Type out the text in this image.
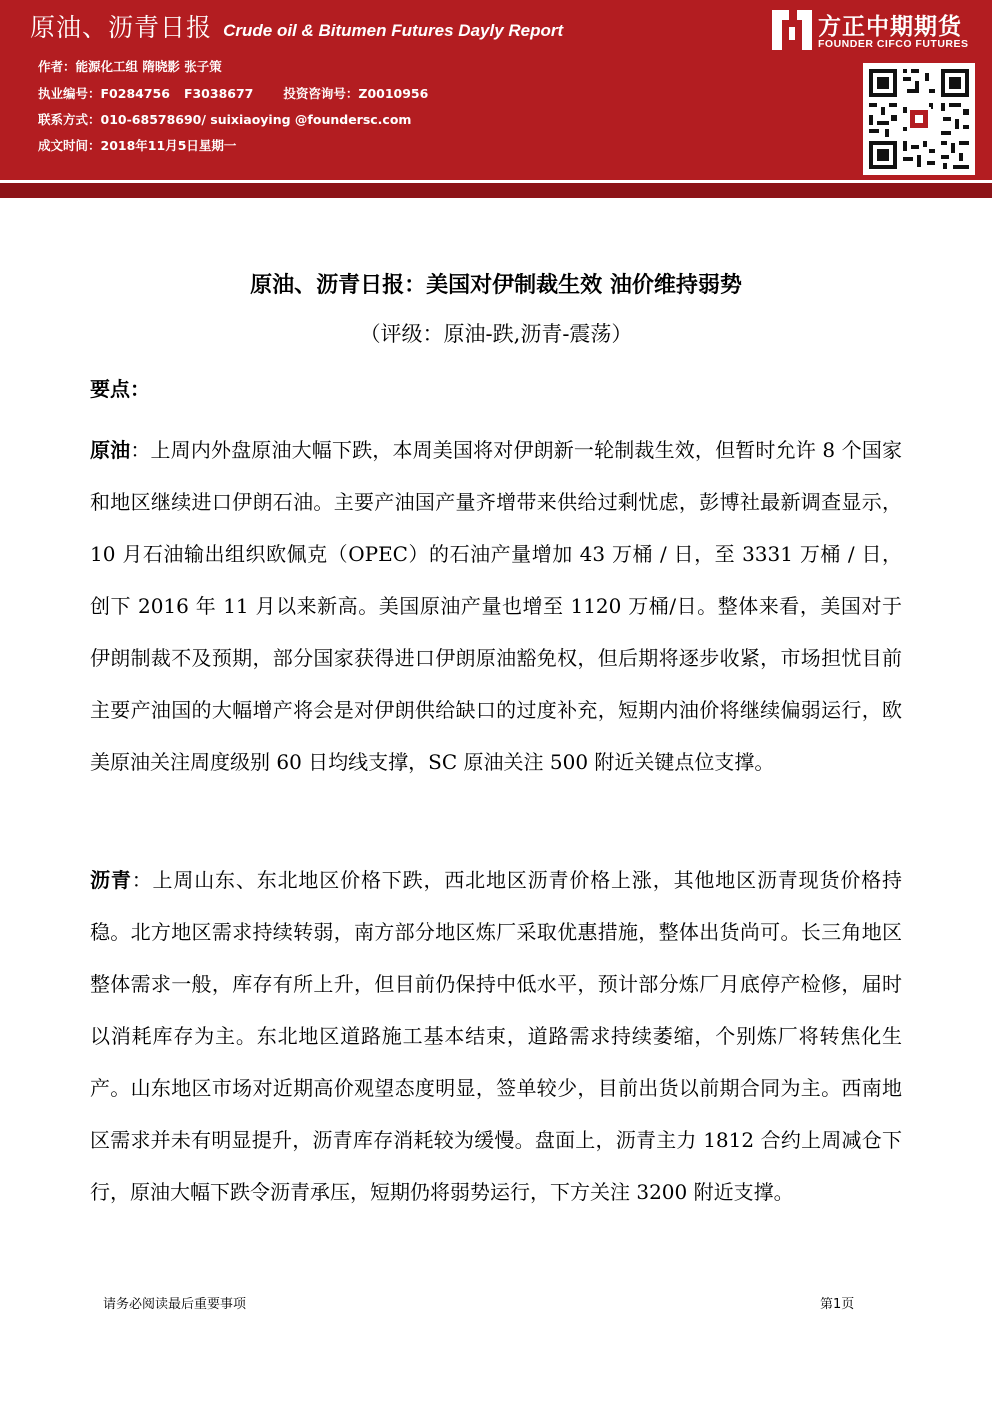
原油、沥青日报 Crude oil & Bitumen Futures Dayly Report
作者：能源化工组 隋晓影 张子策
执业编号：F0284756 F3038677 投资咨询号：Z0010956
联系方式：010-68578690/ suixiaoying @foundersc.com
成文时间：2018年11月5日星期一
方正中期期货
FOUNDER CIFCO FUTURES
原油、沥青日报：美国对伊制裁生效 油价维持弱势
（评级：原油-跌,沥青-震荡）
要点：
原油：上周内外盘原油大幅下跌，本周美国将对伊朗新一轮制裁生效，但暂时允许 8 个国家和地区继续进口伊朗石油。主要产油国产量齐增带来供给过剩忧虑，彭博社最新调查显示，10 月石油输出组织欧佩克（OPEC）的石油产量增加 43 万桶 / 日，至 3331 万桶 / 日，创下 2016 年 11 月以来新高。美国原油产量也增至 1120 万桶/日。整体来看，美国对于伊朗制裁不及预期，部分国家获得进口伊朗原油豁免权，但后期将逐步收紧，市场担忧目前主要产油国的大幅增产将会是对伊朗供给缺口的过度补充，短期内油价将继续偏弱运行，欧美原油关注周度级别 60 日均线支撑，SC 原油关注 500 附近关键点位支撑。
沥青：上周山东、东北地区价格下跌，西北地区沥青价格上涨，其他地区沥青现货价格持稳。北方地区需求持续转弱，南方部分地区炼厂采取优惠措施，整体出货尚可。长三角地区整体需求一般，库存有所上升，但目前仍保持中低水平，预计部分炼厂月底停产检修，届时以消耗库存为主。东北地区道路施工基本结束，道路需求持续萎缩，个别炼厂将转焦化生产。山东地区市场对近期高价观望态度明显，签单较少，目前出货以前期合同为主。西南地区需求并未有明显提升，沥青库存消耗较为缓慢。盘面上，沥青主力 1812 合约上周减仓下行，原油大幅下跌令沥青承压，短期仍将弱势运行，下方关注 3200 附近支撑。
请务必阅读最后重要事项	第1页
